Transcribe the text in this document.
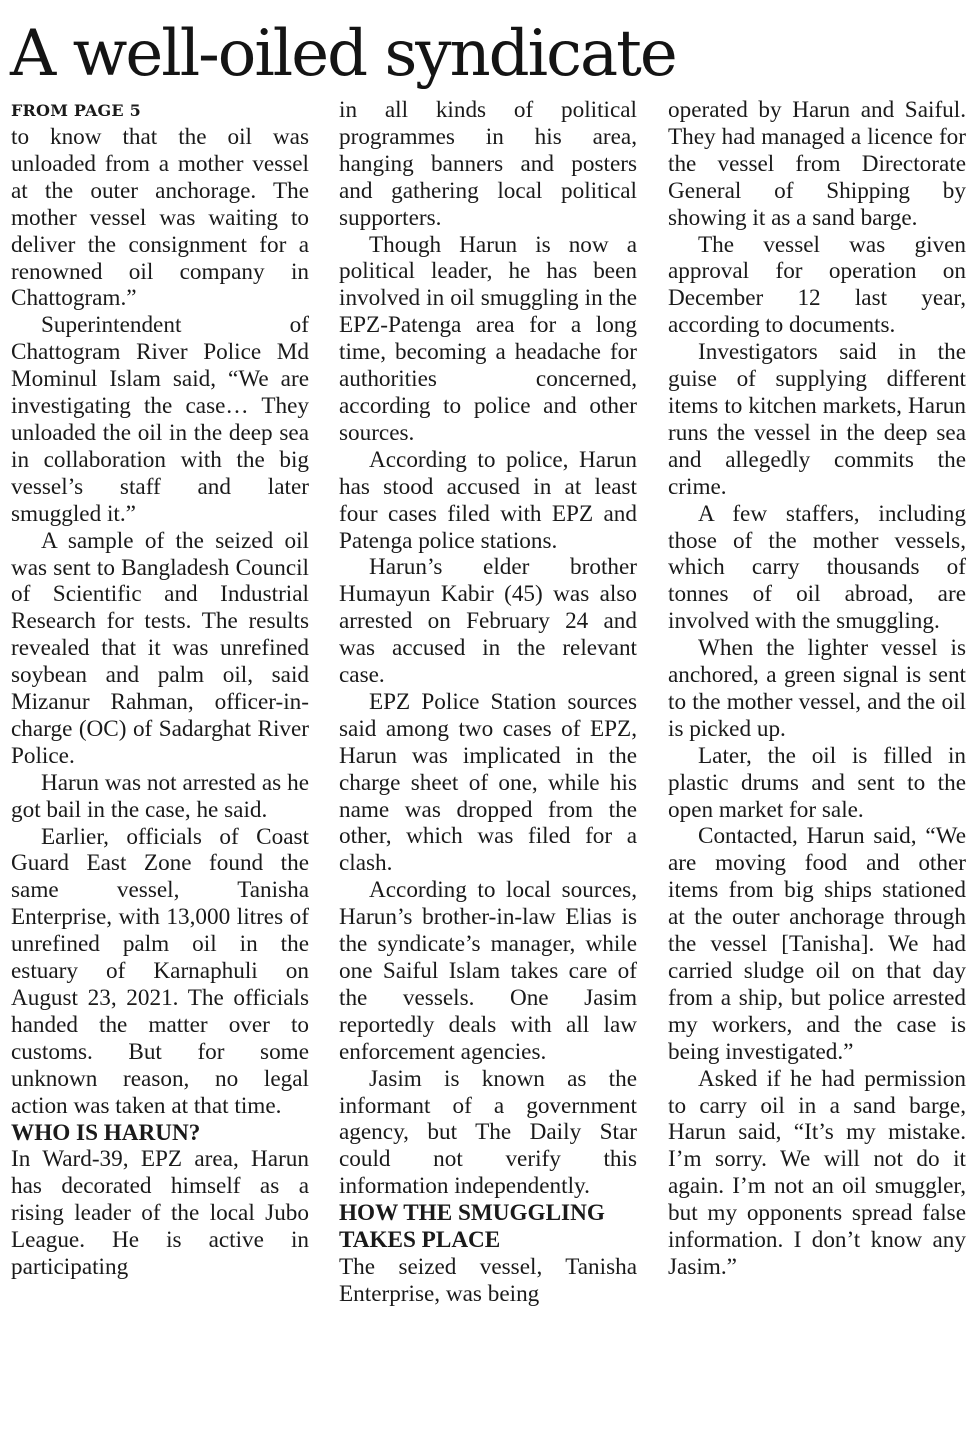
A well-oiled syndicate
FROM PAGE 5

to know that the oil was unloaded from a mother vessel at the outer anchorage. The mother vessel was waiting to deliver the consignment for a renowned oil company in Chattogram.”

Superintendent of Chattogram River Police Md Mominul Islam said, “We are investigating the case… They unloaded the oil in the deep sea in collaboration with the big vessel’s staff and later smuggled it.”

A sample of the seized oil was sent to Bangladesh Council of Scientific and Industrial Research for tests. The results revealed that it was unrefined soybean and palm oil, said Mizanur Rahman, officer-in-charge (OC) of Sadarghat River Police.

Harun was not arrested as he got bail in the case, he said.

Earlier, officials of Coast Guard East Zone found the same vessel, Tanisha Enterprise, with 13,000 litres of unrefined palm oil in the estuary of Karnaphuli on August 23, 2021. The officials handed the matter over to customs. But for some unknown reason, no legal action was taken at that time.

WHO IS HARUN?

In Ward-39, EPZ area, Harun has decorated himself as a rising leader of the local Jubo League. He is active in participating

in all kinds of political programmes in his area, hanging banners and posters and gathering local political supporters.

Though Harun is now a political leader, he has been involved in oil smuggling in the EPZ-Patenga area for a long time, becoming a headache for authorities concerned, according to police and other sources.

According to police, Harun has stood accused in at least four cases filed with EPZ and Patenga police stations.

Harun’s elder brother Humayun Kabir (45) was also arrested on February 24 and was accused in the relevant case.

EPZ Police Station sources said among two cases of EPZ, Harun was implicated in the charge sheet of one, while his name was dropped from the other, which was filed for a clash.

According to local sources, Harun’s brother-in-law Elias is the syndicate’s manager, while one Saiful Islam takes care of the vessels. One Jasim reportedly deals with all law enforcement agencies.

Jasim is known as the informant of a government agency, but The Daily Star could not verify this information independently.

HOW THE SMUGGLING TAKES PLACE

The seized vessel, Tanisha Enterprise, was being

operated by Harun and Saiful. They had managed a licence for the vessel from Directorate General of Shipping by showing it as a sand barge.

The vessel was given approval for operation on December 12 last year, according to documents.

Investigators said in the guise of supplying different items to kitchen markets, Harun runs the vessel in the deep sea and allegedly commits the crime.

A few staffers, including those of the mother vessels, which carry thousands of tonnes of oil abroad, are involved with the smuggling.

When the lighter vessel is anchored, a green signal is sent to the mother vessel, and the oil is picked up.

Later, the oil is filled in plastic drums and sent to the open market for sale.

Contacted, Harun said, “We are moving food and other items from big ships stationed at the outer anchorage through the vessel [Tanisha]. We had carried sludge oil on that day from a ship, but police arrested my workers, and the case is being investigated.”

Asked if he had permission to carry oil in a sand barge, Harun said, “It’s my mistake. I’m sorry. We will not do it again. I’m not an oil smuggler, but my opponents spread false information. I don’t know any Jasim.”
